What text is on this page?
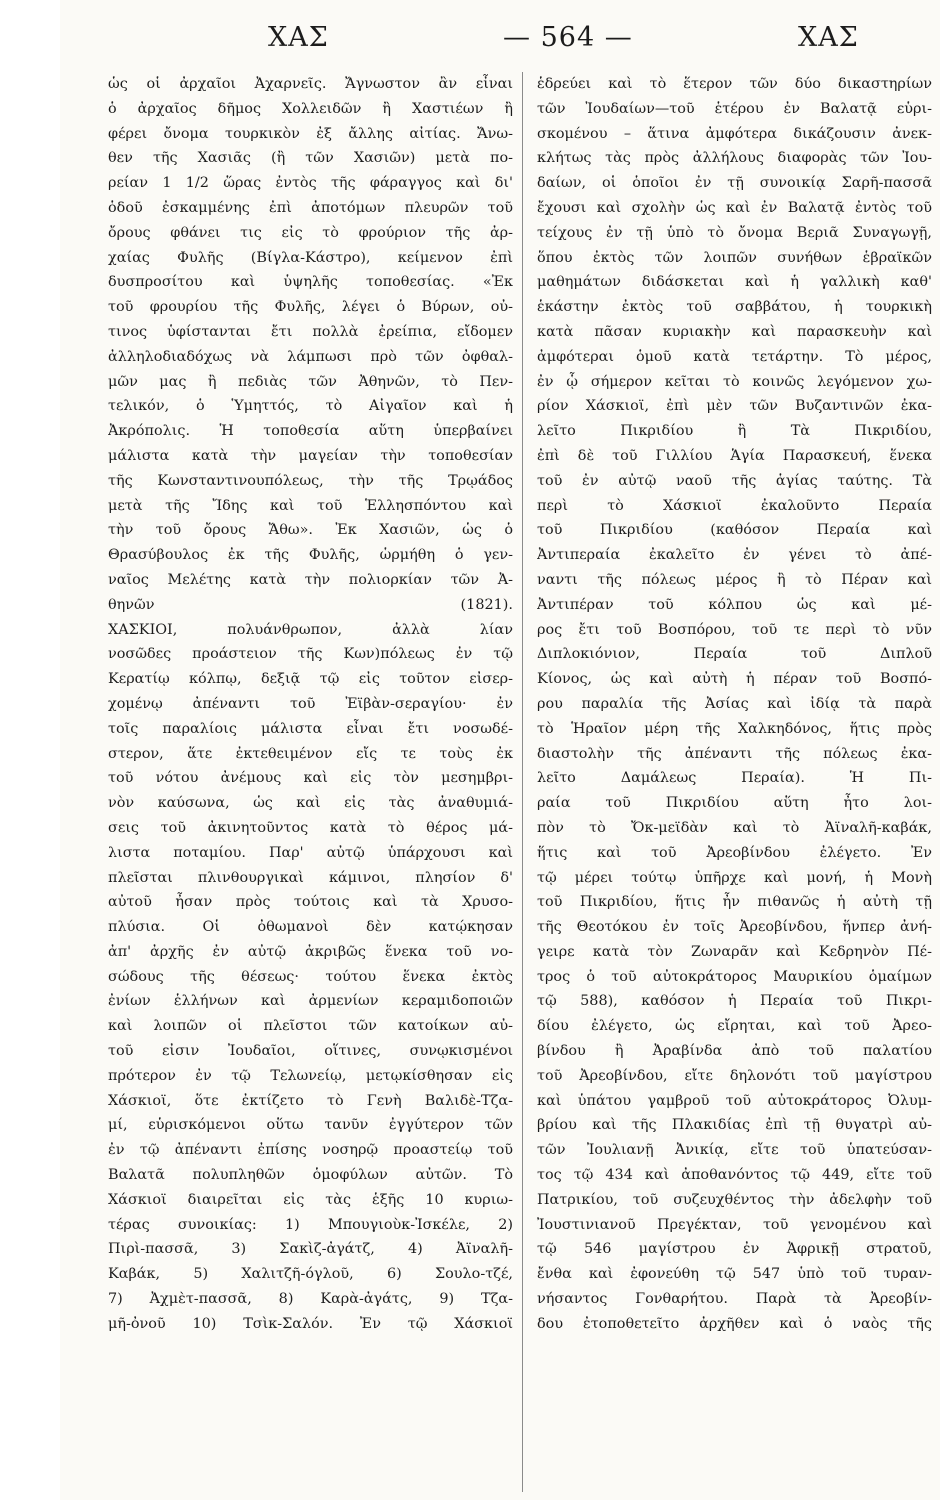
ΧΑΣ	— 564 —	ΧΑΣ
ὡς οἱ ἀρχαῖοι Ἀχαρνεῖς. Ἄγνωστον ἂν εἶναι
ὁ ἀρχαῖος δῆμος Χολλειδῶν ἢ Χαστιέων ἢ
φέρει ὄνομα τουρκικὸν ἐξ ἄλλης αἰτίας. Ἄνω-
θεν τῆς Χασιᾶς (ἢ τῶν Χασιῶν) μετὰ πο-
ρείαν 1 1/2 ὥρας ἐντὸς τῆς φάραγγος καὶ δι'
ὁδοῦ ἐσκαμμένης ἐπὶ ἀποτόμων πλευρῶν τοῦ
ὄρους φθάνει τις εἰς τὸ φρούριον τῆς ἀρ-
χαίας Φυλῆς (Βίγλα-Κάστρο), κείμενον ἐπὶ
δυσπροσίτου καὶ ὑψηλῆς τοποθεσίας. «Ἐκ
τοῦ φρουρίου τῆς Φυλῆς, λέγει ὁ Βύρων, οὐ-
τινος ὑφίστανται ἔτι πολλὰ ἐρείπια, εἴδομεν
ἀλληλοδιαδόχως νὰ λάμπωσι πρὸ τῶν ὀφθαλ-
μῶν μας ἢ πεδιὰς τῶν Ἀθηνῶν, τὸ Πεν-
τελικόν, ὁ Ὑμηττός, τὸ Αἰγαῖον καὶ ἡ
Ἀκρόπολις. Ἡ τοποθεσία αὕτη ὑπερβαίνει
μάλιστα κατὰ τὴν μαγείαν τὴν τοποθεσίαν
τῆς Κωνσταντινουπόλεως, τὴν τῆς Τρῳάδος
μετὰ τῆς Ἴδης καὶ τοῦ Ἑλλησπόντου καὶ
τὴν τοῦ ὄρους Ἄθω». Ἐκ Χασιῶν, ὡς ὁ
Θρασύβουλος ἐκ τῆς Φυλῆς, ὡρμήθη ὁ γεν-
ναῖος Μελέτης κατὰ τὴν πολιορκίαν τῶν Ἀ-
θηνῶν (1821).
ΧΑΣΚΙΟΙ, πολυάνθρωπον, ἀλλὰ λίαν
νοσῶδες προάστειον τῆς Κων)πόλεως ἐν τῷ
Κερατίῳ κόλπῳ, δεξιᾷ τῷ εἰς τοῦτον εἰσερ-
χομένῳ ἀπέναντι τοῦ Ἐϊβὰν-σεραγίου· ἐν
τοῖς παραλίοις μάλιστα εἶναι ἔτι νοσωδέ-
στερον, ἅτε ἐκτεθειμένον εἴς τε τοὺς ἐκ
τοῦ νότου ἀνέμους καὶ εἰς τὸν μεσημβρι-
νὸν καύσωνα, ὡς καὶ εἰς τὰς ἀναθυμιά-
σεις τοῦ ἀκινητοῦντος κατὰ τὸ θέρος μά-
λιστα ποταμίου. Παρ' αὐτῷ ὑπάρχουσι καὶ
πλεῖσται πλινθουργικαὶ κάμινοι, πλησίον δ'
αὐτοῦ ἦσαν πρὸς τούτοις καὶ τὰ Χρυσο-
πλύσια. Οἱ ὀθωμανοὶ δὲν κατῴκησαν
ἀπ' ἀρχῆς ἐν αὐτῷ ἀκριβῶς ἕνεκα τοῦ νο-
σώδους τῆς θέσεως· τούτου ἕνεκα ἐκτὸς
ἐνίων ἑλλήνων καὶ ἀρμενίων κεραμιδοποιῶν
καὶ λοιπῶν οἱ πλεῖστοι τῶν κατοίκων αὐ-
τοῦ εἰσιν Ἰουδαῖοι, οἵτινες, συνῳκισμένοι
πρότερον ἐν τῷ Τελωνείῳ, μετῳκίσθησαν εἰς
Χάσκιοϊ, ὅτε ἐκτίζετο τὸ Γενὴ Βαλιδὲ-Τζα-
μί, εὑρισκόμενοι οὕτω τανῦν ἐγγύτερον τῶν
ἐν τῷ ἀπέναντι ἐπίσης νοσηρῷ προαστείῳ τοῦ
Βαλατᾶ πολυπληθῶν ὁμοφύλων αὐτῶν. Τὸ
Χάσκιοϊ διαιρεῖται εἰς τὰς ἑξῆς 10 κυριω-
τέρας συνοικίας: 1) Μπουγιοὺκ-Ἰσκέλε, 2)
Πιρὶ-πασσᾶ, 3) Σακὶζ-ἀγάτζ, 4) Ἀϊναλῆ-
Καβάκ, 5) Χαλιτζῆ-όγλοῦ, 6) Σουλο-τζέ,
7) Ἀχμὲτ-πασσᾶ, 8) Καρὰ-ἀγάτς, 9) Τζα-
μῆ-ὀνοῦ 10) Τσὶκ-Σαλόν. Ἐν τῷ Χάσκιοϊ
ἑδρεύει καὶ τὸ ἕτερον τῶν δύο δικαστηρίων
τῶν Ἰουδαίων—τοῦ ἑτέρου ἐν Βαλατᾷ εὑρι-
σκομένου – ἅτινα ἀμφότερα δικάζουσιν ἀνεκ-
κλήτως τὰς πρὸς ἀλλήλους διαφορὰς τῶν Ἰου-
δαίων, οἱ ὁποῖοι ἐν τῇ συνοικίᾳ Σαρῆ-πασσᾶ
ἔχουσι καὶ σχολὴν ὡς καὶ ἐν Βαλατᾷ ἐντὸς τοῦ
τείχους ἐν τῇ ὑπὸ τὸ ὄνομα Βεριᾶ Συναγωγῇ,
ὅπου ἐκτὸς τῶν λοιπῶν συνήθων ἑβραϊκῶν
μαθημάτων διδάσκεται καὶ ἡ γαλλικὴ καθ'
ἑκάστην ἐκτὸς τοῦ σαββάτου, ἡ τουρκικὴ
κατὰ πᾶσαν κυριακὴν καὶ παρασκευὴν καὶ
ἀμφότεραι ὁμοῦ κατὰ τετάρτην. Τὸ μέρος,
ἐν ᾧ σήμερον κεῖται τὸ κοινῶς λεγόμενον χω-
ρίον Χάσκιοϊ, ἐπὶ μὲν τῶν Βυζαντινῶν ἐκα-
λεῖτο Πικριδίου ἢ Τὰ Πικριδίου,
ἐπὶ δὲ τοῦ Γιλλίου Ἁγία Παρασκευή, ἕνεκα
τοῦ ἐν αὐτῷ ναοῦ τῆς ἁγίας ταύτης. Τὰ
περὶ τὸ Χάσκιοϊ ἐκαλοῦντο Περαία
τοῦ Πικριδίου (καθόσον Περαία καὶ
Ἀντιπεραία ἐκαλεῖτο ἐν γένει τὸ ἀπέ-
ναντι τῆς πόλεως μέρος ἢ τὸ Πέραν καὶ
Ἀντιπέραν τοῦ κόλπου ὡς καὶ μέ-
ρος ἔτι τοῦ Βοσπόρου, τοῦ τε περὶ τὸ νῦν
Διπλοκιόνιον, Περαία τοῦ Διπλοῦ
Κίονος, ὡς καὶ αὐτὴ ἡ πέραν τοῦ Βοσπό-
ρου παραλία τῆς Ἀσίας καὶ ἰδίᾳ τὰ παρὰ
τὸ Ἡραῖον μέρη τῆς Χαλκηδόνος, ἥτις πρὸς
διαστολὴν τῆς ἀπέναντι τῆς πόλεως ἐκα-
λεῖτο Δαμάλεως Περαία). Ἡ Πι-
ραία τοῦ Πικριδίου αὕτη ἦτο λοι-
πὸν τὸ Ὄκ-μεϊδὰν καὶ τὸ Ἀϊναλῆ-καβάκ,
ἥτις καὶ τοῦ Ἀρεοβίνδου ἐλέγετο. Ἐν
τῷ μέρει τούτῳ ὑπῆρχε καὶ μονή, ἡ Μονὴ
τοῦ Πικριδίου, ἥτις ἦν πιθανῶς ἡ αὐτὴ τῇ
τῆς Θεοτόκου ἐν τοῖς Ἀρεοβίνδου, ἥνπερ ἀνή-
γειρε κατὰ τὸν Ζωναρᾶν καὶ Κεδρηνὸν Πέ-
τρος ὁ τοῦ αὐτοκράτορος Μαυρικίου ὁμαίμων
τῷ 588), καθόσον ἡ Περαία τοῦ Πικρι-
δίου ἐλέγετο, ὡς εἴρηται, καὶ τοῦ Ἀρεο-
βίνδου ἢ Ἀραβίνδα ἀπὸ τοῦ παλατίου
τοῦ Ἀρεοβίνδου, εἴτε δηλονότι τοῦ μαγίστρου
καὶ ὑπάτου γαμβροῦ τοῦ αὐτοκράτορος Ὀλυμ-
βρίου καὶ τῆς Πλακιδίας ἐπὶ τῇ θυγατρὶ αὐ-
τῶν Ἰουλιανῇ Ἀνικίᾳ, εἴτε τοῦ ὑπατεύσαν-
τος τῷ 434 καὶ ἀποθανόντος τῷ 449, εἴτε τοῦ
Πατρικίου, τοῦ συζευχθέντος τὴν ἀδελφὴν τοῦ
Ἰουστινιανοῦ Πρεγέκταν, τοῦ γενομένου καὶ
τῷ 546 μαγίστρου ἐν Ἀφρικῇ στρατοῦ,
ἔνθα καὶ ἐφονεύθη τῷ 547 ὑπὸ τοῦ τυραν-
νήσαντος Γονθαρήτου. Παρὰ τὰ Ἀρεοβίν-
δου ἐτοποθετεῖτο ἀρχῆθεν καὶ ὁ ναὸς τῆς
